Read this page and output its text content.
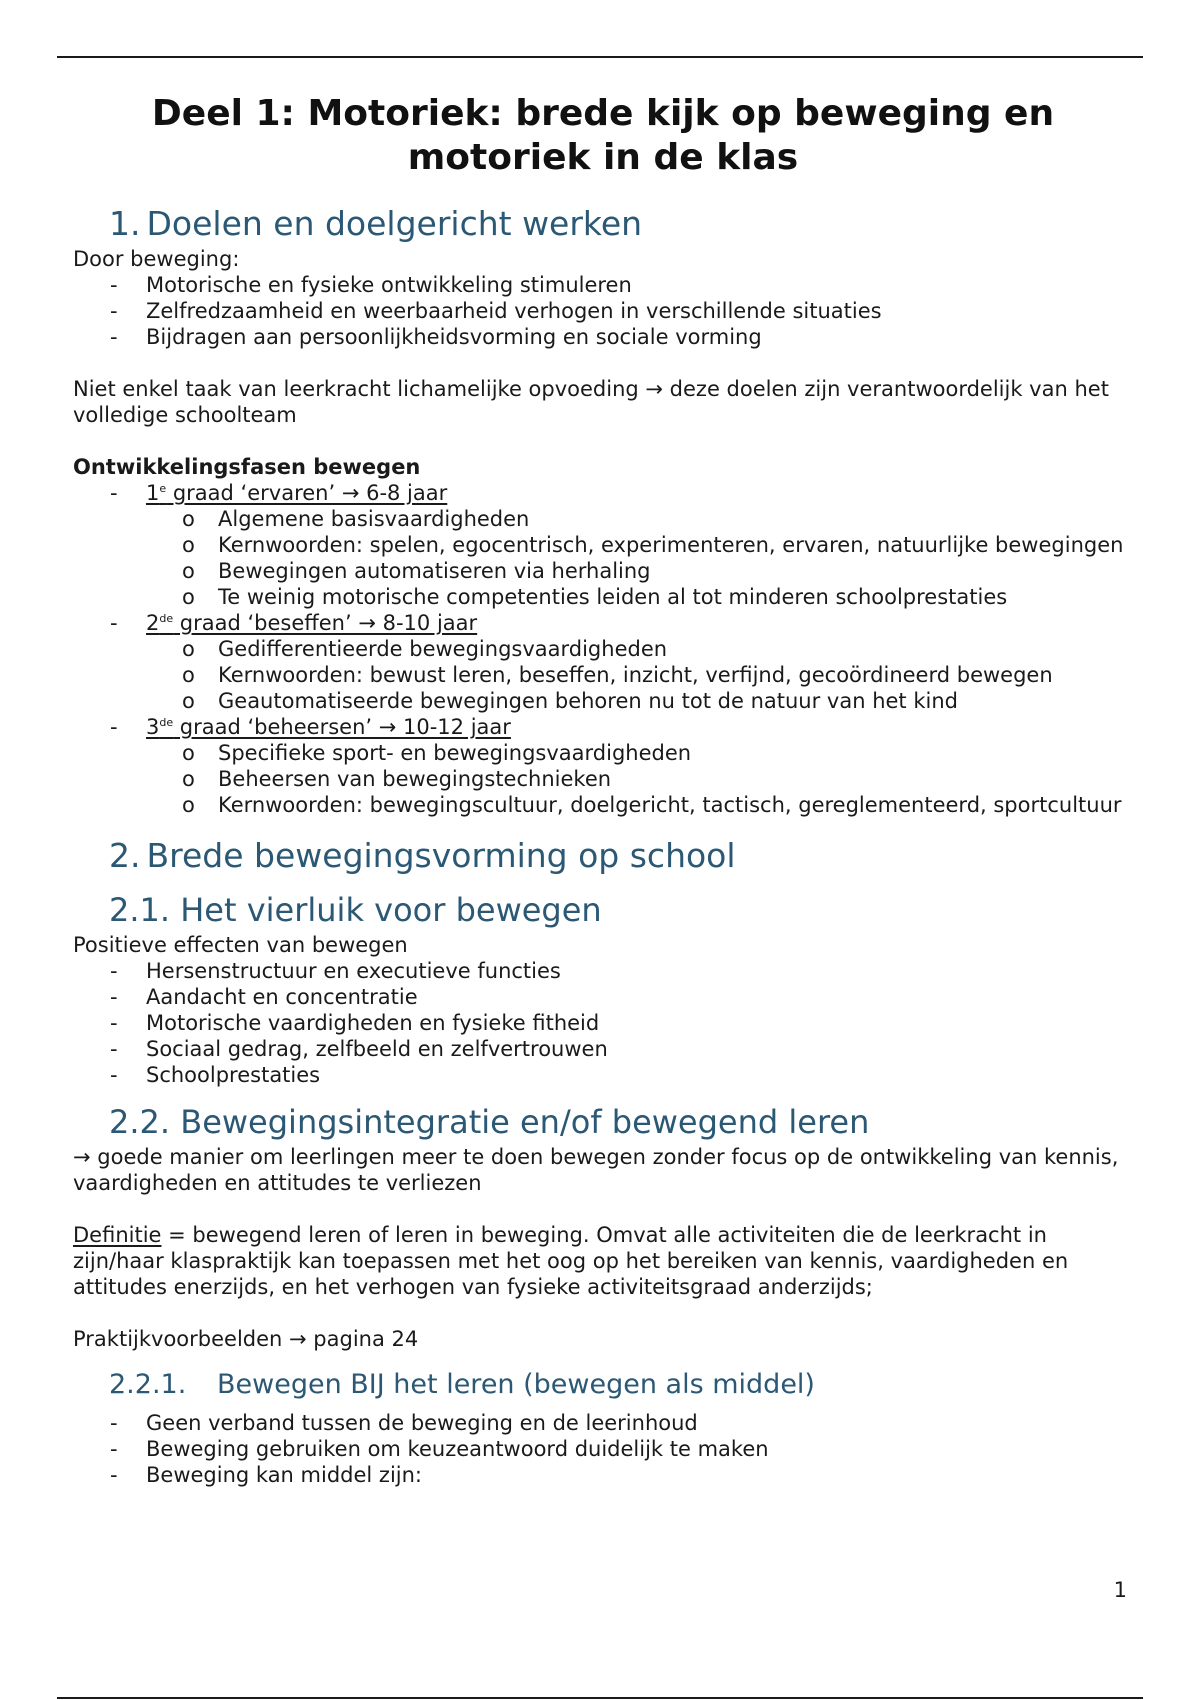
Deel 1: Motoriek: brede kijk op beweging en motoriek in de klas
1. Doelen en doelgericht werken

Door beweging:

- Motorische en fysieke ontwikkeling stimuleren
- Zelfredzaamheid en weerbaarheid verhogen in verschillende situaties
- Bijdragen aan persoonlijkheidsvorming en sociale vorming

Niet enkel taak van leerkracht lichamelijke opvoeding → deze doelen zijn verantwoordelijk van het volledige schoolteam

Ontwikkelingsfasen bewegen

- 1e graad ‘ervaren’ → 6-8 jaar
o Algemene basisvaardigheden
o Kernwoorden: spelen, egocentrisch, experimenteren, ervaren, natuurlijke bewegingen
o Bewegingen automatiseren via herhaling
o Te weinig motorische competenties leiden al tot minderen schoolprestaties
- 2de graad ‘beseffen’ → 8-10 jaar
o Gedifferentieerde bewegingsvaardigheden
o Kernwoorden: bewust leren, beseffen, inzicht, verfijnd, gecoördineerd bewegen
o Geautomatiseerde bewegingen behoren nu tot de natuur van het kind
- 3de graad ‘beheersen’ → 10-12 jaar
o Specifieke sport- en bewegingsvaardigheden
o Beheersen van bewegingstechnieken
o Kernwoorden: bewegingscultuur, doelgericht, tactisch, gereglementeerd, sportcultuur
2. Brede bewegingsvorming op school
2.1. Het vierluik voor bewegen

Positieve effecten van bewegen

- Hersenstructuur en executieve functies
- Aandacht en concentratie
- Motorische vaardigheden en fysieke fitheid
- Sociaal gedrag, zelfbeeld en zelfvertrouwen
- Schoolprestaties
2.2. Bewegingsintegratie en/of bewegend leren

→ goede manier om leerlingen meer te doen bewegen zonder focus op de ontwikkeling van kennis, vaardigheden en attitudes te verliezen

Definitie = bewegend leren of leren in beweging. Omvat alle activiteiten die de leerkracht in zijn/haar klaspraktijk kan toepassen met het oog op het bereiken van kennis, vaardigheden en attitudes enerzijds, en het verhogen van fysieke activiteitsgraad anderzijds;

Praktijkvoorbeelden → pagina 24

2.2.1. Bewegen BIJ het leren (bewegen als middel)
- Geen verband tussen de beweging en de leerinhoud
- Beweging gebruiken om keuzeantwoord duidelijk te maken
- Beweging kan middel zijn:
1
